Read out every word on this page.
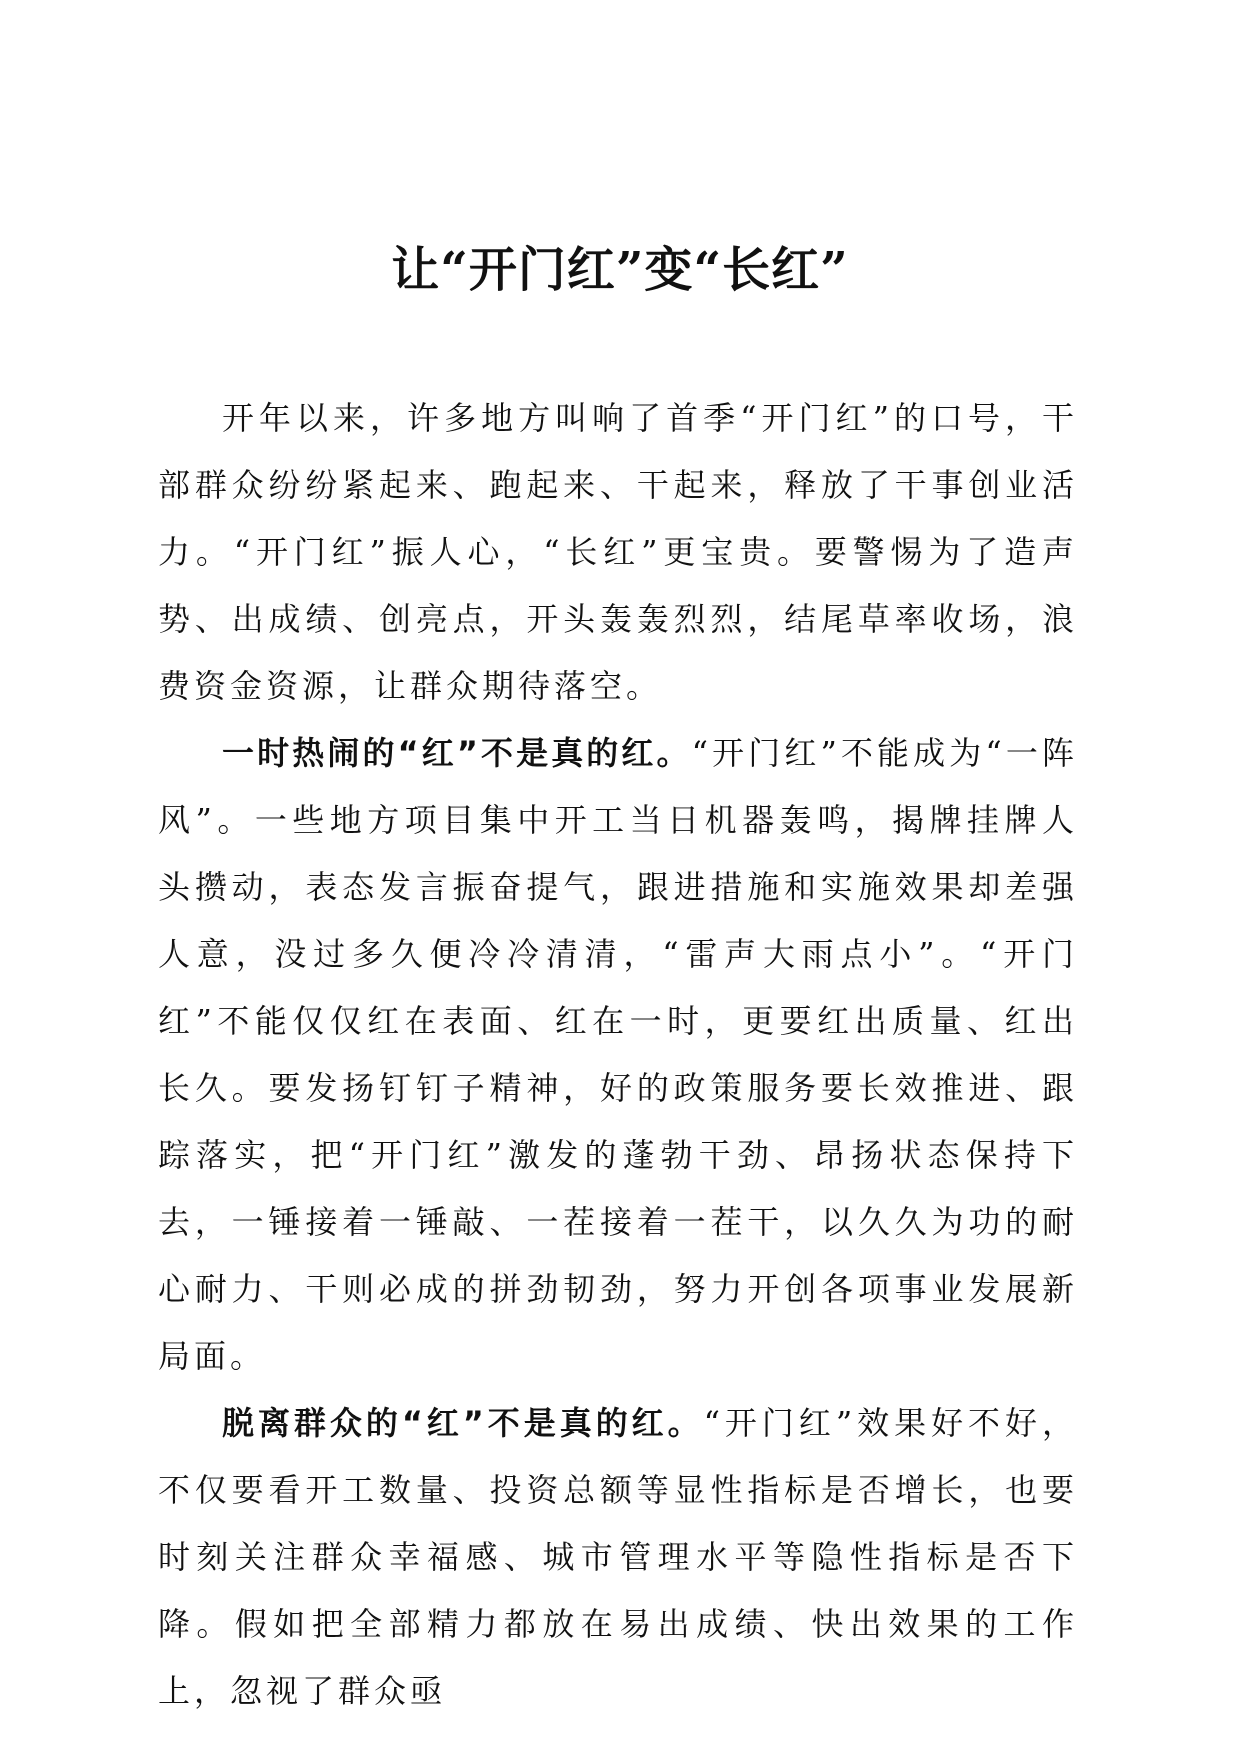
让“开门红”变“长红”

开年以来，许多地方叫响了首季“开门红”的口号，干部群众纷纷紧起来、跑起来、干起来，释放了干事创业活力。“开门红”振人心，“长红”更宝贵。要警惕为了造声势、出成绩、创亮点，开头轰轰烈烈，结尾草率收场，浪费资金资源，让群众期待落空。

一时热闹的“红”不是真的红。“开门红”不能成为“一阵风”。一些地方项目集中开工当日机器轰鸣，揭牌挂牌人头攒动，表态发言振奋提气，跟进措施和实施效果却差强人意，没过多久便冷冷清清，“雷声大雨点小”。“开门红”不能仅仅红在表面、红在一时，更要红出质量、红出长久。要发扬钉钉子精神，好的政策服务要长效推进、跟踪落实，把“开门红”激发的蓬勃干劲、昂扬状态保持下去，一锤接着一锤敲、一茬接着一茬干，以久久为功的耐心耐力、干则必成的拼劲韧劲，努力开创各项事业发展新局面。

脱离群众的“红”不是真的红。“开门红”效果好不好，不仅要看开工数量、投资总额等显性指标是否增长，也要时刻关注群众幸福感、城市管理水平等隐性指标是否下降。假如把全部精力都放在易出成绩、快出效果的工作上，忽视了群众亟
